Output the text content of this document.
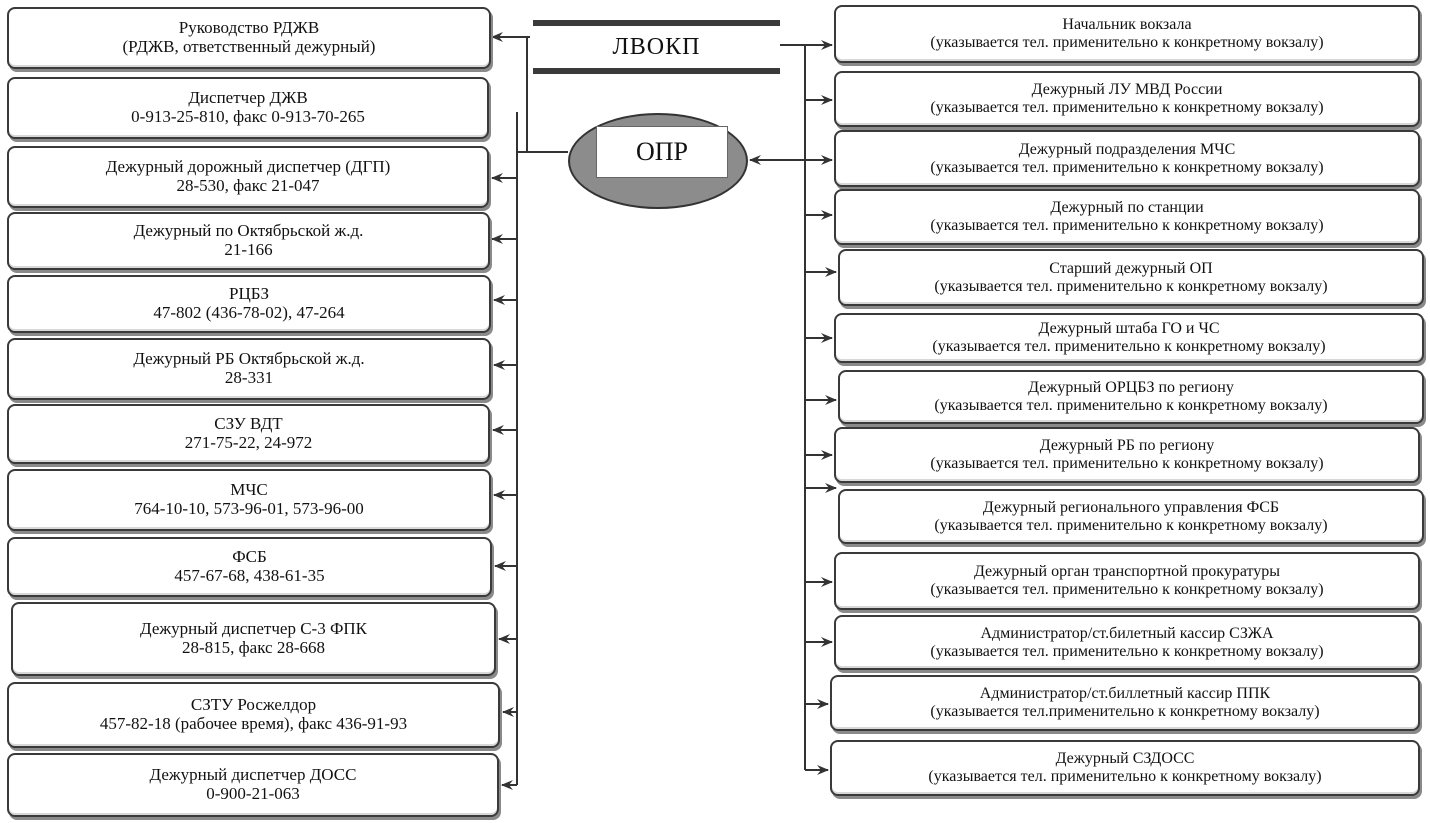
ЛВОКП
ОПР
Руководство РДЖВ
(РДЖВ, ответственный дежурный)
Диспетчер ДЖВ
0-913-25-810, факс 0-913-70-265
Дежурный дорожный диспетчер (ДГП)
28-530, факс 21-047
Дежурный по Октябрьской ж.д.
21-166
РЦБЗ
47-802 (436-78-02), 47-264
Дежурный РБ Октябрьской ж.д.
28-331
СЗУ ВДТ
271-75-22, 24-972
МЧС
764-10-10, 573-96-01, 573-96-00
ФСБ
457-67-68, 438-61-35
Дежурный диспетчер С-3 ФПК
28-815, факс 28-668
СЗТУ Росжелдор
457-82-18 (рабочее время), факс 436-91-93
Дежурный диспетчер ДОСС
0-900-21-063
Начальник вокзала
(указывается тел. применительно к конкретному вокзалу)
Дежурный ЛУ МВД России
(указывается тел. применительно к конкретному вокзалу)
Дежурный подразделения МЧС
(указывается тел. применительно к конкретному вокзалу)
Дежурный по станции
(указывается тел. применительно к конкретному вокзалу)
Старший дежурный ОП
(указывается тел. применительно к конкретному вокзалу)
Дежурный штаба ГО и ЧС
(указывается тел. применительно к конкретному вокзалу)
Дежурный ОРЦБЗ по региону
(указывается тел. применительно к конкретному вокзалу)
Дежурный РБ по региону
(указывается тел. применительно к конкретному вокзалу)
Дежурный регионального управления ФСБ
(указывается тел. применительно к конкретному вокзалу)
Дежурный орган транспортной прокуратуры
(указывается тел. применительно к конкретному вокзалу)
Администратор/ст.билетный кассир СЗЖА
(указывается тел. применительно к конкретному вокзалу)
Администратор/ст.биллетный кассир ППК
(указывается тел.применительно к конкретному вокзалу)
Дежурный СЗДОСС
(указывается тел. применительно к конкретному вокзалу)
